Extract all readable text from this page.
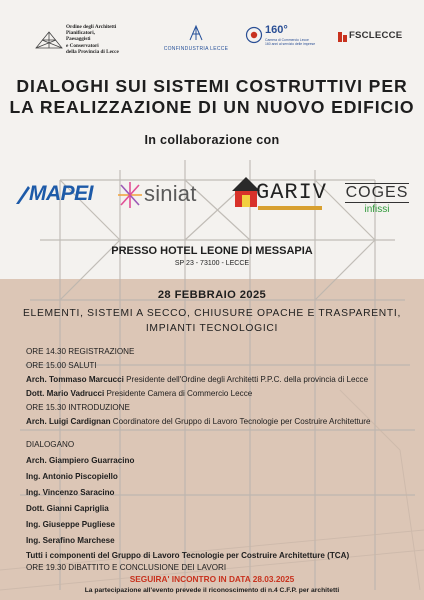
Ordine degli Architetti
Pianificatori,
Paesaggisti
e Conservatori
della Provincia di Lecce	CONFINDUSTRIA LECCE
160°
Camera di Commercio Lecce
160 anni al servizio delle imprese
FSCLECCE
DIALOGHI SUI SISTEMI COSTRUTTIVI PER
LA REALIZZAZIONE DI UN NUOVO EDIFICIO
In collaborazione con
MAPEI siniat	GARIV COGES
infissi
PRESSO HOTEL LEONE DI MESSAPIA
SP 23 - 73100 - LECCE
28 FEBBRAIO 2025
ELEMENTI, SISTEMI A SECCO, CHIUSURE OPACHE E TRASPARENTI,
IMPIANTI TECNOLOGICI
ORE 14.30 REGISTRAZIONE
ORE 15.00 SALUTI
Arch. Tommaso Marcucci Presidente dell'Ordine degli Architetti P.P.C. della provincia di Lecce
Dott. Mario Vadrucci Presidente Camera di Commercio Lecce
ORE 15.30 INTRODUZIONE
Arch. Luigi Cardignan Coordinatore del Gruppo di Lavoro Tecnologie per Costruire Architetture
DIALOGANO
Arch. Giampiero Guarracino
Ing. Antonio Piscopiello
Ing. Vincenzo Saracino
Dott. Gianni Capriglia
Ing. Giuseppe Pugliese
Ing. Serafino Marchese
Tutti i componenti del Gruppo di Lavoro Tecnologie per Costruire Architetture (TCA)
ORE 19.30 DIBATTITO E CONCLUSIONE DEI LAVORI
SEGUIRA' INCONTRO IN DATA 28.03.2025
La partecipazione all'evento prevede il riconoscimento di n.4 C.F.P. per architetti
